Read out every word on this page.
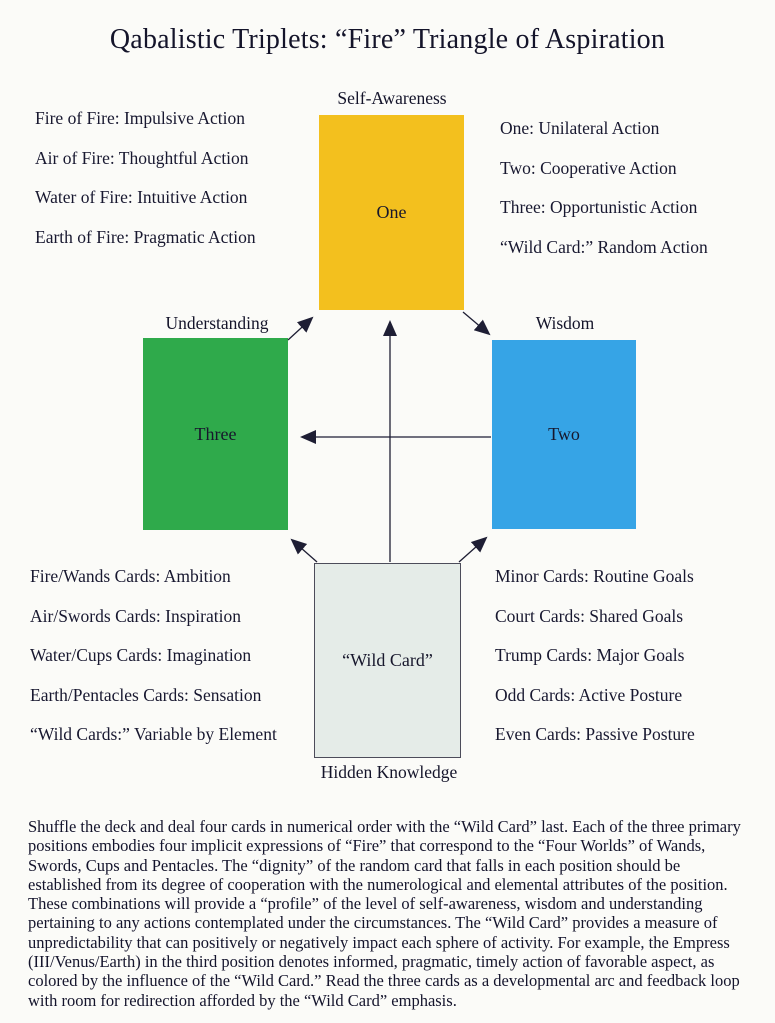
Qabalistic Triplets: “Fire” Triangle of Aspiration
Fire of Fire: Impulsive Action
Air of Fire: Thoughtful Action
Water of Fire: Intuitive Action
Earth of Fire: Pragmatic Action
One: Unilateral Action
Two: Cooperative Action
Three: Opportunistic Action
“Wild Card:” Random Action
Fire/Wands Cards: Ambition
Air/Swords Cards: Inspiration
Water/Cups Cards: Imagination
Earth/Pentacles Cards: Sensation
“Wild Cards:” Variable by Element
Minor Cards: Routine Goals
Court Cards: Shared Goals
Trump Cards: Major Goals
Odd Cards: Active Posture
Even Cards: Passive Posture
Self-Awareness
Understanding	Wisdom
Hidden Knowledge
One
Three	Two
“Wild Card”
Shuffle the deck and deal four cards in numerical order with the “Wild Card” last. Each of the three primary positions embodies four implicit expressions of “Fire” that correspond to the “Four Worlds” of Wands, Swords, Cups and Pentacles. The “dignity” of the random card that falls in each position should be established from its degree of cooperation with the numerological and elemental attributes of the position. These combinations will provide a “profile” of the level of self-awareness, wisdom and understanding pertaining to any actions contemplated under the circumstances. The “Wild Card” provides a measure of unpredictability that can positively or negatively impact each sphere of activity. For example, the Empress (III/Venus/Earth) in the third position denotes informed, pragmatic, timely action of favorable aspect, as colored by the influence of the “Wild Card.” Read the three cards as a developmental arc and feedback loop with room for redirection afforded by the “Wild Card” emphasis.
